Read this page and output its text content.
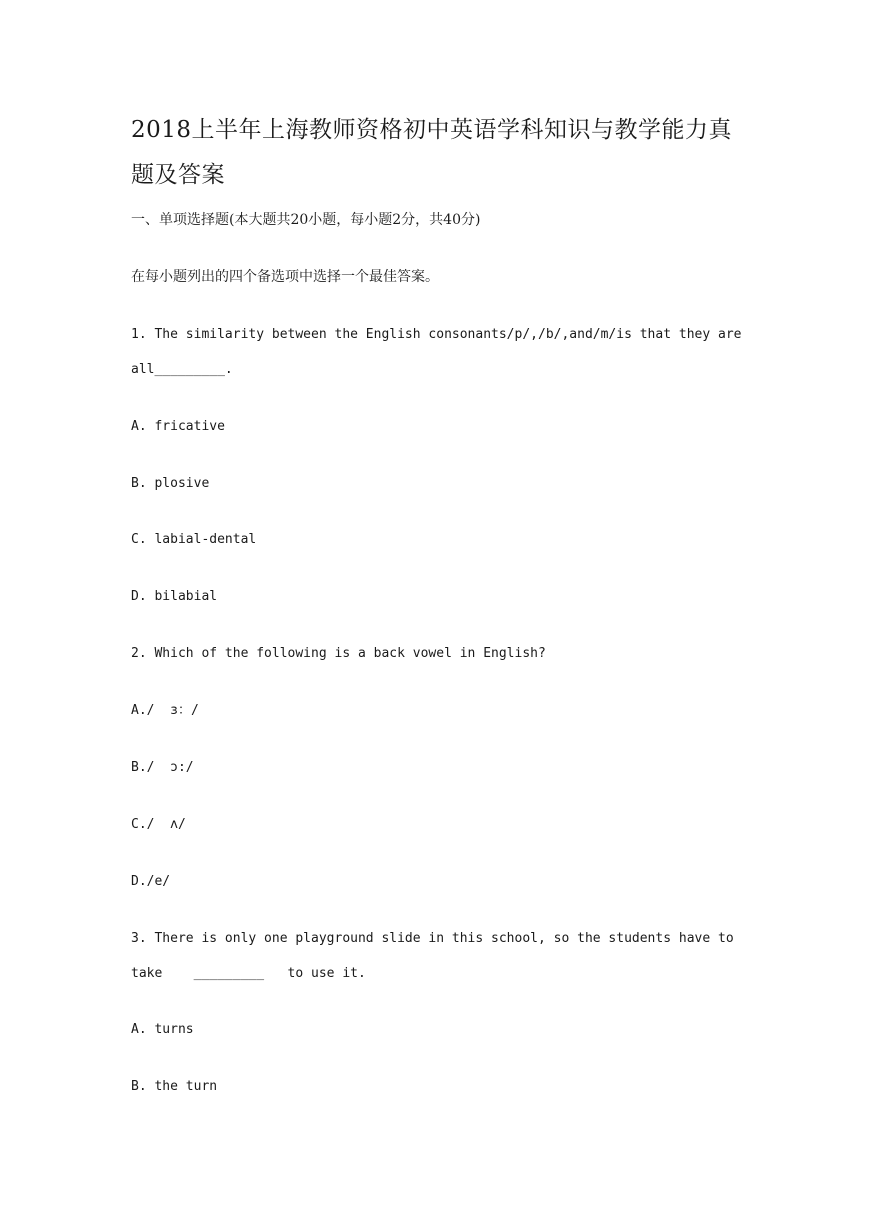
2018上半年上海教师资格初中英语学科知识与教学能力真
题及答案
一、单项选择题(本大题共20小题，每小题2分，共40分)
在每小题列出的四个备选项中选择一个最佳答案。
1. The similarity between the English consonants/p/,/b/,and/m/is that they are
all_________.
A. fricative
B. plosive
C. labial-dental
D. bilabial
2. Which of the following is a back vowel in English?
A./  ɜ：/
B./  ɔ:/
C./  ʌ/
D./e/
3. There is only one playground slide in this school, so the students have to
take    _________   to use it.
A. turns
B. the turn
